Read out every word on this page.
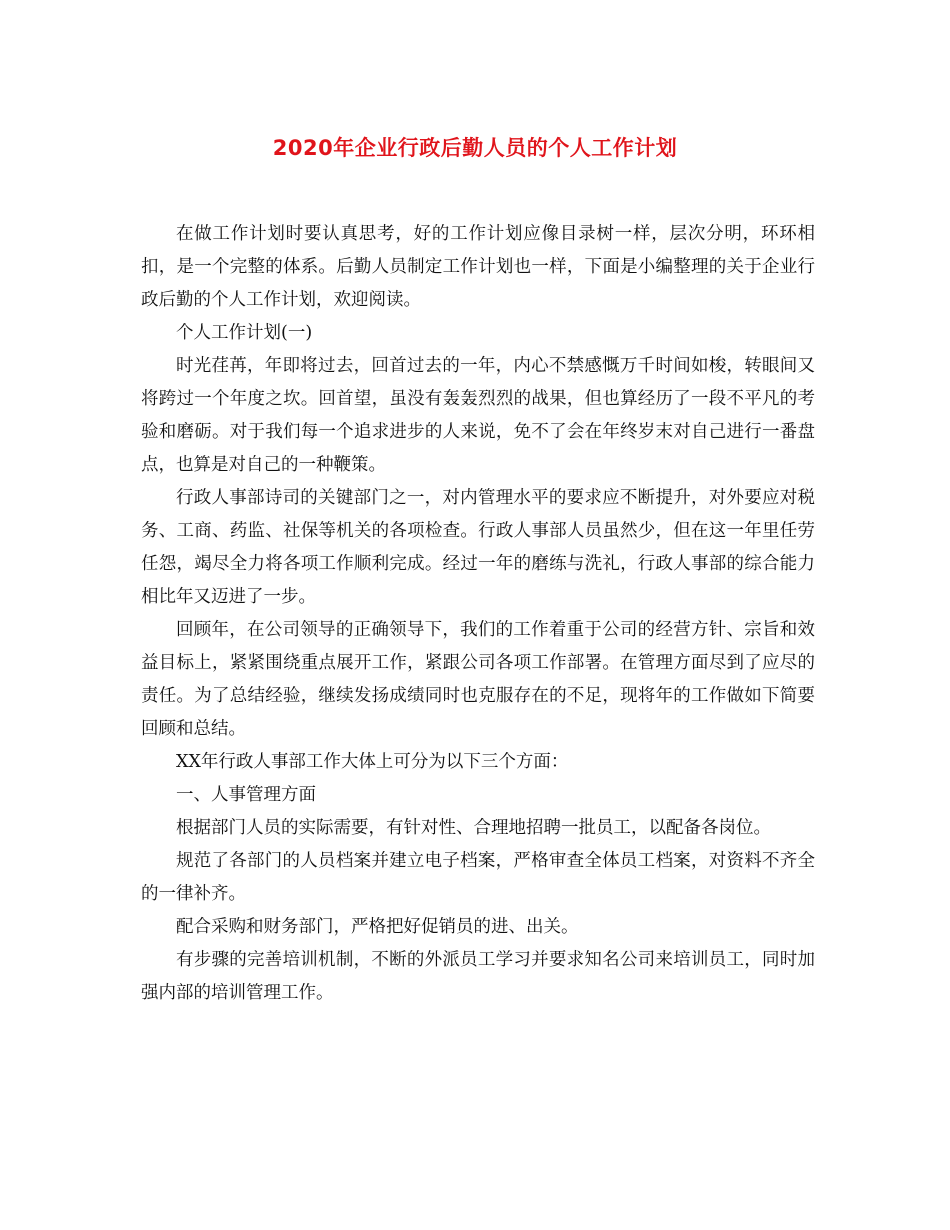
2020年企业行政后勤人员的个人工作计划

在做工作计划时要认真思考，好的工作计划应像目录树一样，层次分明，环环相扣，是一个完整的体系。后勤人员制定工作计划也一样，下面是小编整理的关于企业行政后勤的个人工作计划，欢迎阅读。

个人工作计划(一)

时光荏苒，年即将过去，回首过去的一年，内心不禁感慨万千时间如梭，转眼间又将跨过一个年度之坎。回首望，虽没有轰轰烈烈的战果，但也算经历了一段不平凡的考验和磨砺。对于我们每一个追求进步的人来说，免不了会在年终岁末对自己进行一番盘点，也算是对自己的一种鞭策。

行政人事部诗司的关键部门之一，对内管理水平的要求应不断提升，对外要应对税务、工商、药监、社保等机关的各项检查。行政人事部人员虽然少，但在这一年里任劳任怨，竭尽全力将各项工作顺利完成。经过一年的磨练与洗礼，行政人事部的综合能力相比年又迈进了一步。

回顾年，在公司领导的正确领导下，我们的工作着重于公司的经营方针、宗旨和效益目标上，紧紧围绕重点展开工作，紧跟公司各项工作部署。在管理方面尽到了应尽的责任。为了总结经验，继续发扬成绩同时也克服存在的不足，现将年的工作做如下简要回顾和总结。

XX年行政人事部工作大体上可分为以下三个方面：

一、人事管理方面

根据部门人员的实际需要，有针对性、合理地招聘一批员工，以配备各岗位。

规范了各部门的人员档案并建立电子档案，严格审查全体员工档案，对资料不齐全的一律补齐。

配合采购和财务部门，严格把好促销员的进、出关。

有步骤的完善培训机制，不断的外派员工学习并要求知名公司来培训员工，同时加强内部的培训管理工作。
